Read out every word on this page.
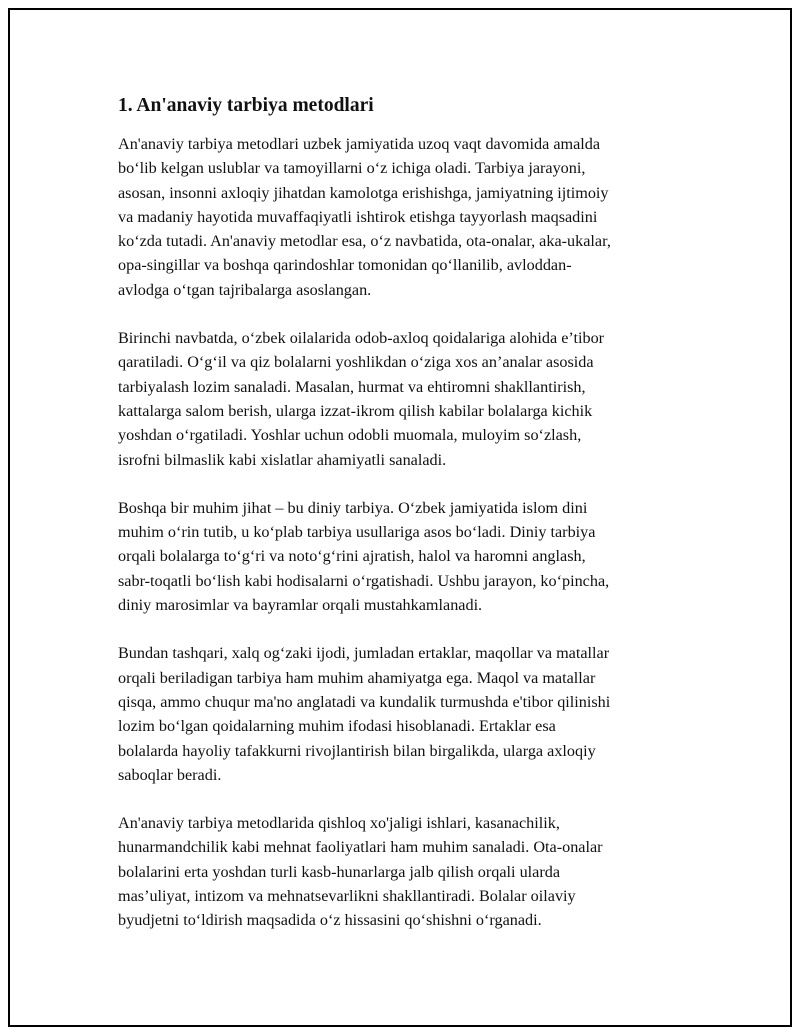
1. An'anaviy tarbiya metodlari

An'anaviy tarbiya metodlari uzbek jamiyatida uzoq vaqt davomida amalda
bo‘lib kelgan uslublar va tamoyillarni o‘z ichiga oladi. Tarbiya jarayoni,
asosan, insonni axloqiy jihatdan kamolotga erishishga, jamiyatning ijtimoiy
va madaniy hayotida muvaffaqiyatli ishtirok etishga tayyorlash maqsadini
ko‘zda tutadi. An'anaviy metodlar esa, o‘z navbatida, ota-onalar, aka-ukalar,
opa-singillar va boshqa qarindoshlar tomonidan qo‘llanilib, avloddan-
avlodga o‘tgan tajribalarga asoslangan.

Birinchi navbatda, o‘zbek oilalarida odob-axloq qoidalariga alohida e’tibor
qaratiladi. O‘g‘il va qiz bolalarni yoshlikdan o‘ziga xos an’analar asosida
tarbiyalash lozim sanaladi. Masalan, hurmat va ehtiromni shakllantirish,
kattalarga salom berish, ularga izzat-ikrom qilish kabilar bolalarga kichik
yoshdan o‘rgatiladi. Yoshlar uchun odobli muomala, muloyim so‘zlash,
isrofni bilmaslik kabi xislatlar ahamiyatli sanaladi.

Boshqa bir muhim jihat – bu diniy tarbiya. O‘zbek jamiyatida islom dini
muhim o‘rin tutib, u ko‘plab tarbiya usullariga asos bo‘ladi. Diniy tarbiya
orqali bolalarga to‘g‘ri va noto‘g‘rini ajratish, halol va haromni anglash,
sabr-toqatli bo‘lish kabi hodisalarni o‘rgatishadi. Ushbu jarayon, ko‘pincha,
diniy marosimlar va bayramlar orqali mustahkamlanadi.

Bundan tashqari, xalq og‘zaki ijodi, jumladan ertaklar, maqollar va matallar
orqali beriladigan tarbiya ham muhim ahamiyatga ega. Maqol va matallar
qisqa, ammo chuqur ma'no anglatadi va kundalik turmushda e'tibor qilinishi
lozim bo‘lgan qoidalarning muhim ifodasi hisoblanadi. Ertaklar esa
bolalarda hayoliy tafakkurni rivojlantirish bilan birgalikda, ularga axloqiy
saboqlar beradi.

An'anaviy tarbiya metodlarida qishloq xo'jaligi ishlari, kasanachilik,
hunarmandchilik kabi mehnat faoliyatlari ham muhim sanaladi. Ota-onalar
bolalarini erta yoshdan turli kasb-hunarlarga jalb qilish orqali ularda
mas’uliyat, intizom va mehnatsevarlikni shakllantiradi. Bolalar oilaviy
byudjetni to‘ldirish maqsadida o‘z hissasini qo‘shishni o‘rganadi.
